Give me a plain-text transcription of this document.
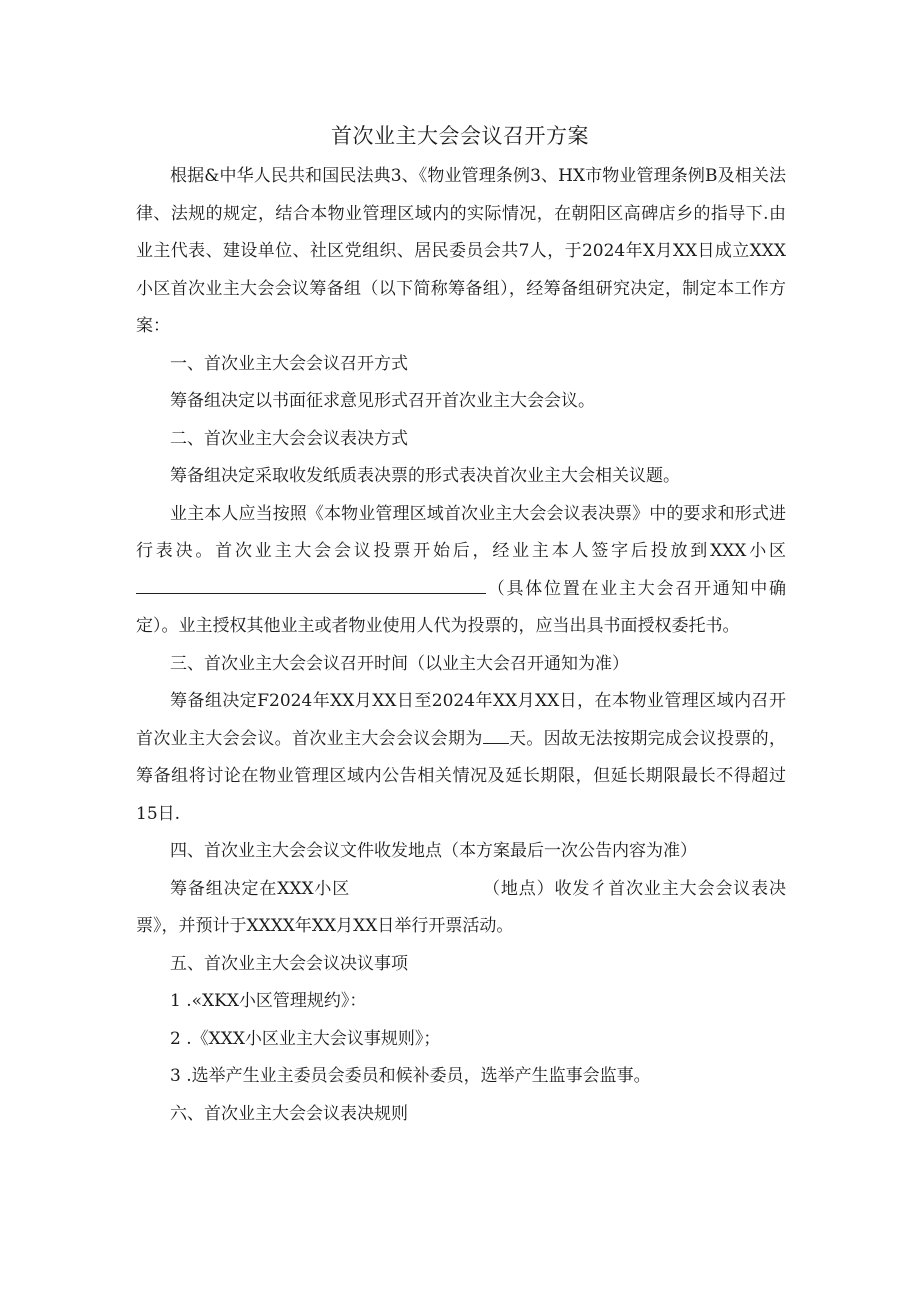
首次业主大会会议召开方案

根据&中华人民共和国民法典3、《物业管理条例3、HX市物业管理条例B及相关法律、法规的规定，结合本物业管理区域内的实际情况，在朝阳区高碑店乡的指导下.由业主代表、建设单位、社区党组织、居民委员会共7人，于2024年X月XX日成立XXX小区首次业主大会会议筹备组（以下简称筹备组），经筹备组研究决定，制定本工作方案：

一、首次业主大会会议召开方式

筹备组决定以书面征求意见形式召开首次业主大会会议。

二、首次业主大会会议表决方式

筹备组决定采取收发纸质表决票的形式表决首次业主大会相关议题。

业主本人应当按照《本物业管理区域首次业主大会会议表决票》中的要求和形式进行表决。首次业主大会会议投票开始后，经业主本人签字后投放到XXX小区（具体位置在业主大会召开通知中确定）。业主授权其他业主或者物业使用人代为投票的，应当出具书面授权委托书。

三、首次业主大会会议召开时间（以业主大会召开通知为准）

筹备组决定F2024年XX月XX日至2024年XX月XX日，在本物业管理区域内召开首次业主大会会议。首次业主大会会议会期为 天。因故无法按期完成会议投票的，筹备组将讨论在物业管理区域内公告相关情况及延长期限，但延长期限最长不得超过15日.

四、首次业主大会会议文件收发地点（本方案最后一次公告内容为准）

筹备组决定在XXX小区	（地点）收发彳首次业主大会会议表决票》，并预计于XXXX年XX月XX日举行开票活动。

五、首次业主大会会议决议事项

1 .«XKX小区管理规约》：

2 .《XXX小区业主大会议事规则》；

3 .选举产生业主委员会委员和候补委员，选举产生监事会监事。

六、首次业主大会会议表决规则
